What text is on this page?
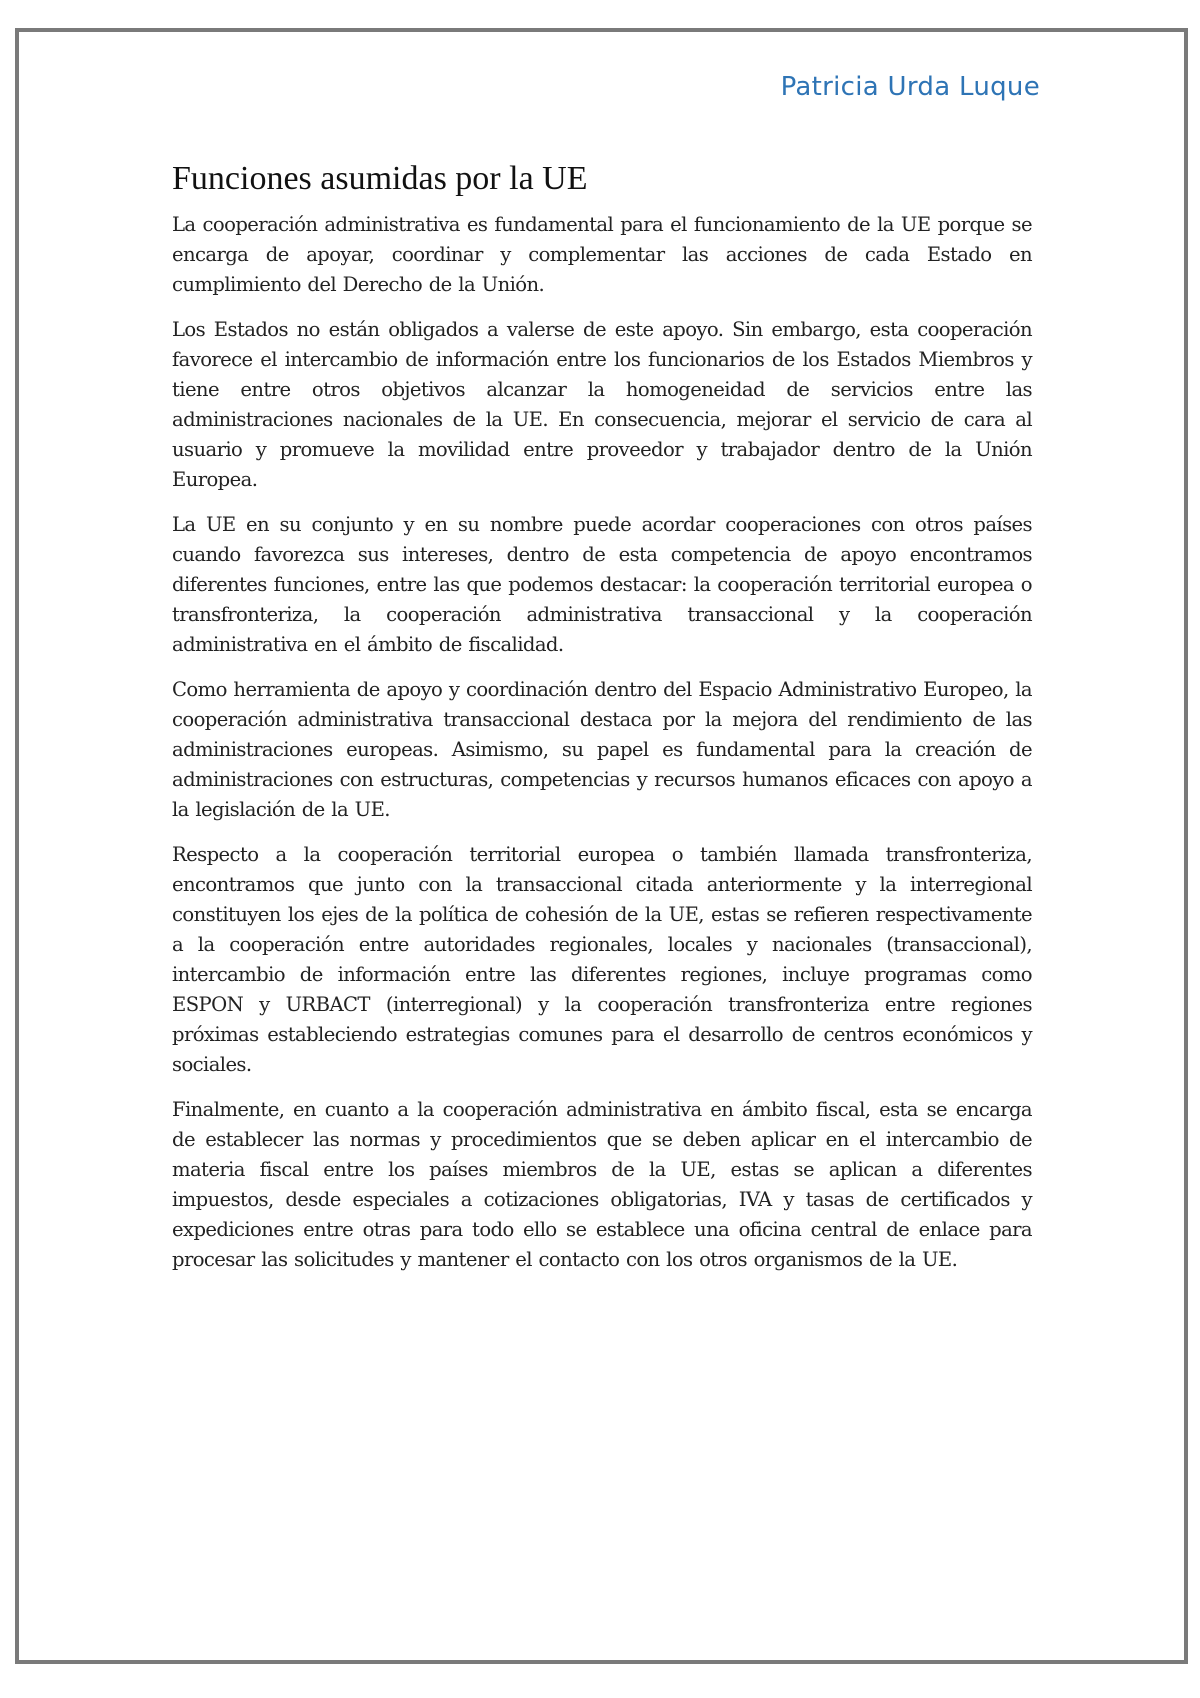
Patricia Urda Luque
Funciones asumidas por la UE

La cooperación administrativa es fundamental para el funcionamiento de la UE porque se encarga de apoyar, coordinar y complementar las acciones de cada Estado en cumplimiento del Derecho de la Unión.

Los Estados no están obligados a valerse de este apoyo. Sin embargo, esta cooperación favorece el intercambio de información entre los funcionarios de los Estados Miembros y tiene entre otros objetivos alcanzar la homogeneidad de servicios entre las administraciones nacionales de la UE. En consecuencia, mejorar el servicio de cara al usuario y promueve la movilidad entre proveedor y trabajador dentro de la Unión Europea.

La UE en su conjunto y en su nombre puede acordar cooperaciones con otros países cuando favorezca sus intereses, dentro de esta competencia de apoyo encontramos diferentes funciones, entre las que podemos destacar: la cooperación territorial europea o transfronteriza, la cooperación administrativa transaccional y la cooperación administrativa en el ámbito de fiscalidad.

Como herramienta de apoyo y coordinación dentro del Espacio Administrativo Europeo, la cooperación administrativa transaccional destaca por la mejora del rendimiento de las administraciones europeas. Asimismo, su papel es fundamental para la creación de administraciones con estructuras, competencias y recursos humanos eficaces con apoyo a la legislación de la UE.

Respecto a la cooperación territorial europea o también llamada transfronteriza, encontramos que junto con la transaccional citada anteriormente y la interregional constituyen los ejes de la política de cohesión de la UE, estas se refieren respectivamente a la cooperación entre autoridades regionales, locales y nacionales (transaccional), intercambio de información entre las diferentes regiones, incluye programas como ESPON y URBACT (interregional) y la cooperación transfronteriza entre regiones próximas estableciendo estrategias comunes para el desarrollo de centros económicos y sociales.

Finalmente, en cuanto a la cooperación administrativa en ámbito fiscal, esta se encarga de establecer las normas y procedimientos que se deben aplicar en el intercambio de materia fiscal entre los países miembros de la UE, estas se aplican a diferentes impuestos, desde especiales a cotizaciones obligatorias, IVA y tasas de certificados y expediciones entre otras para todo ello se establece una oficina central de enlace para procesar las solicitudes y mantener el contacto con los otros organismos de la UE.
